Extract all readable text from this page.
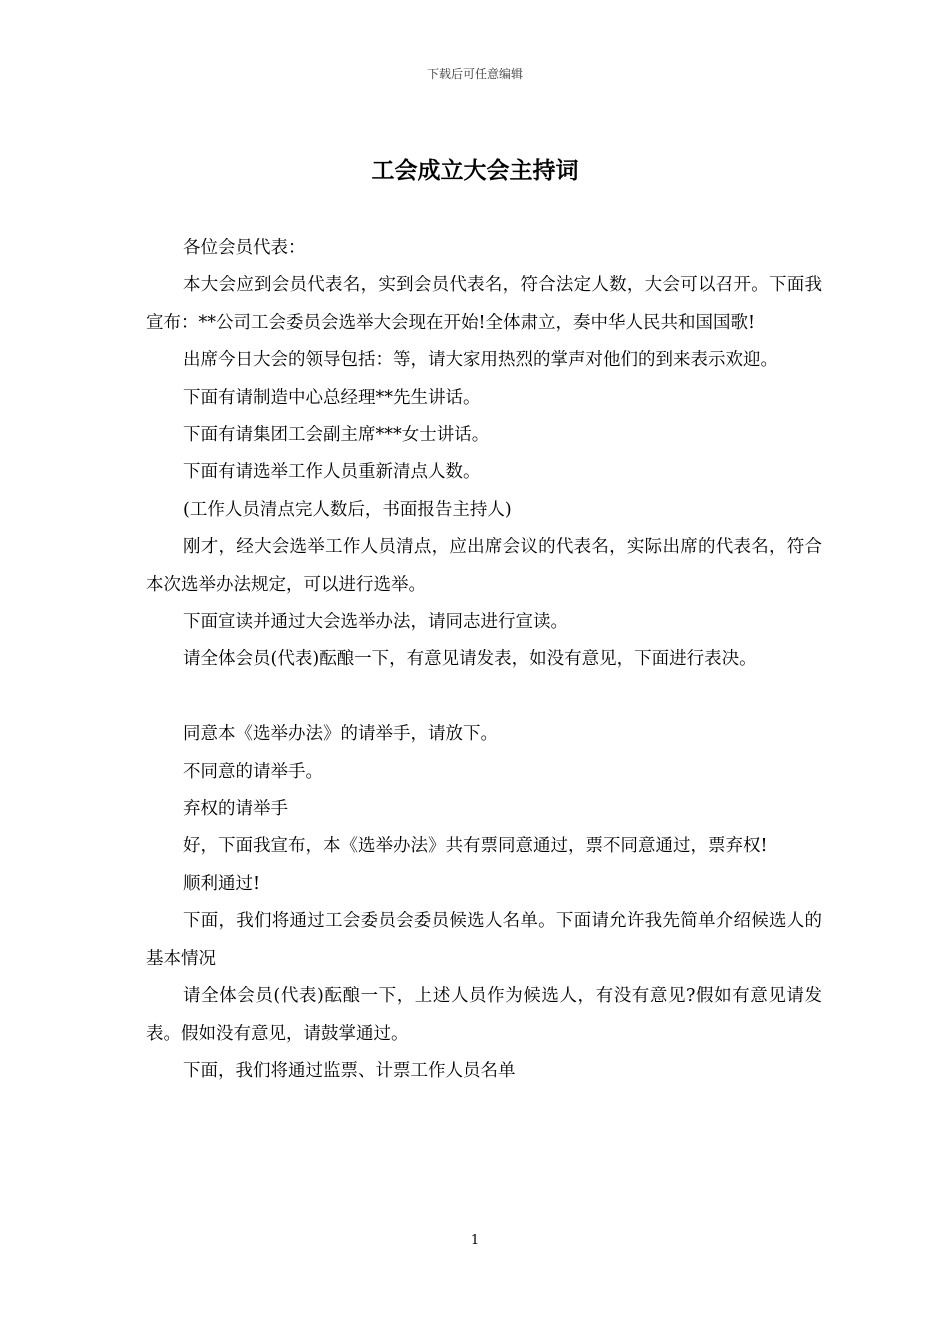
下载后可任意编辑
工会成立大会主持词

各位会员代表：

本大会应到会员代表名，实到会员代表名，符合法定人数，大会可以召开。下面我宣布：**公司工会委员会选举大会现在开始!全体肃立，奏中华人民共和国国歌!

出席今日大会的领导包括：等，请大家用热烈的掌声对他们的到来表示欢迎。

下面有请制造中心总经理**先生讲话。

下面有请集团工会副主席***女士讲话。

下面有请选举工作人员重新清点人数。

(工作人员清点完人数后，书面报告主持人)

刚才，经大会选举工作人员清点，应出席会议的代表名，实际出席的代表名，符合本次选举办法规定，可以进行选举。

下面宣读并通过大会选举办法，请同志进行宣读。

请全体会员(代表)酝酿一下，有意见请发表，如没有意见，下面进行表决。

同意本《选举办法》的请举手，请放下。

不同意的请举手。

弃权的请举手

好，下面我宣布，本《选举办法》共有票同意通过，票不同意通过，票弃权!

顺利通过!

下面，我们将通过工会委员会委员候选人名单。下面请允许我先简单介绍候选人的基本情况

请全体会员(代表)酝酿一下，上述人员作为候选人，有没有意见?假如有意见请发表。假如没有意见，请鼓掌通过。

下面，我们将通过监票、计票工作人员名单

1
